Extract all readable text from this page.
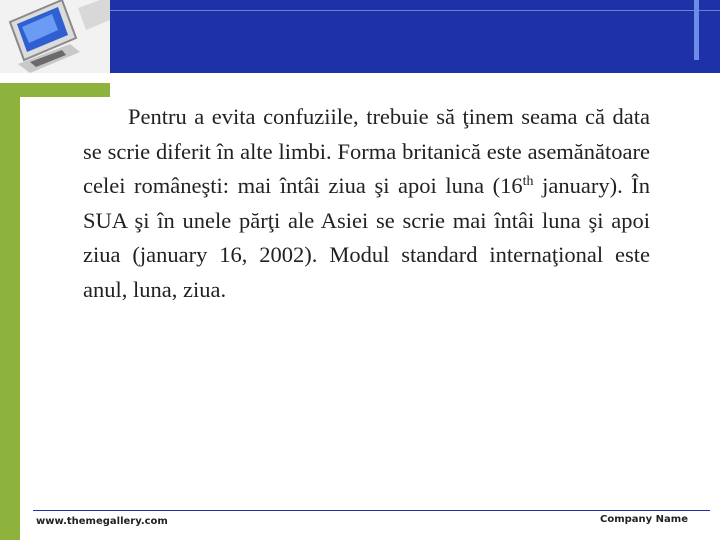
Pentru a evita confuziile, trebuie să ţinem seama că data se scrie diferit în alte limbi. Forma britanică este asemănătoare celei româneşti: mai întâi ziua şi apoi luna (16th january). În SUA şi în unele părţi ale Asiei se scrie mai întâi luna şi apoi ziua (january 16, 2002). Modul standard internaţional este anul, luna, ziua.

www.themegallery.com	Company Name
